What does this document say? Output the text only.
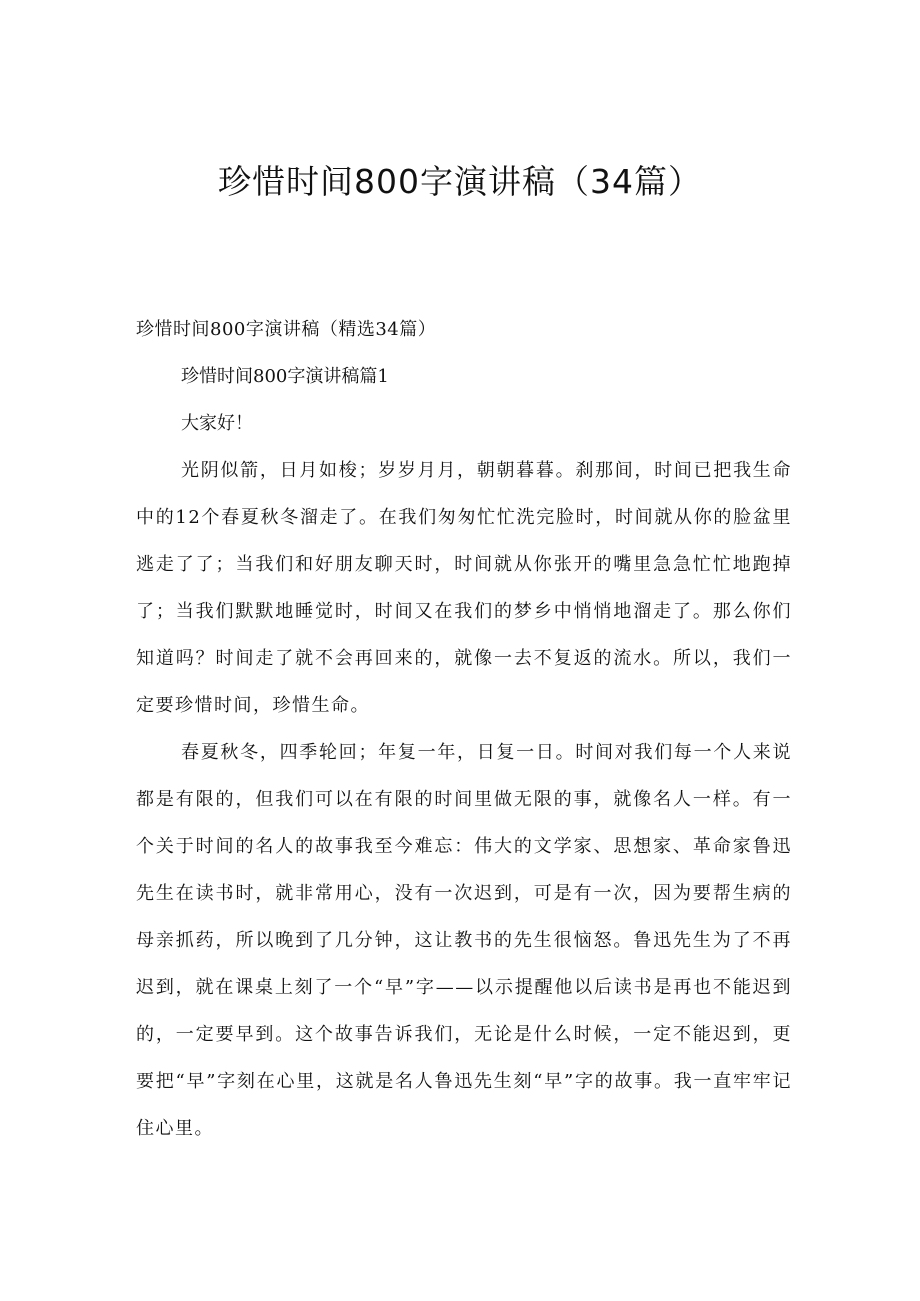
珍惜时间800字演讲稿（34篇）

珍惜时间800字演讲稿（精选34篇）

珍惜时间800字演讲稿篇1

大家好！

光阴似箭，日月如梭；岁岁月月，朝朝暮暮。刹那间，时间已把我生命中的12个春夏秋冬溜走了。在我们匆匆忙忙洗完脸时，时间就从你的脸盆里逃走了了；当我们和好朋友聊天时，时间就从你张开的嘴里急急忙忙地跑掉了；当我们默默地睡觉时，时间又在我们的梦乡中悄悄地溜走了。那么你们知道吗？时间走了就不会再回来的，就像一去不复返的流水。所以，我们一定要珍惜时间，珍惜生命。

春夏秋冬，四季轮回；年复一年，日复一日。时间对我们每一个人来说都是有限的，但我们可以在有限的时间里做无限的事，就像名人一样。有一个关于时间的名人的故事我至今难忘：伟大的文学家、思想家、革命家鲁迅先生在读书时，就非常用心，没有一次迟到，可是有一次，因为要帮生病的母亲抓药，所以晚到了几分钟，这让教书的先生很恼怒。鲁迅先生为了不再迟到，就在课桌上刻了一个“早”字——以示提醒他以后读书是再也不能迟到的，一定要早到。这个故事告诉我们，无论是什么时候，一定不能迟到，更要把“早”字刻在心里，这就是名人鲁迅先生刻“早”字的故事。我一直牢牢记住心里。
